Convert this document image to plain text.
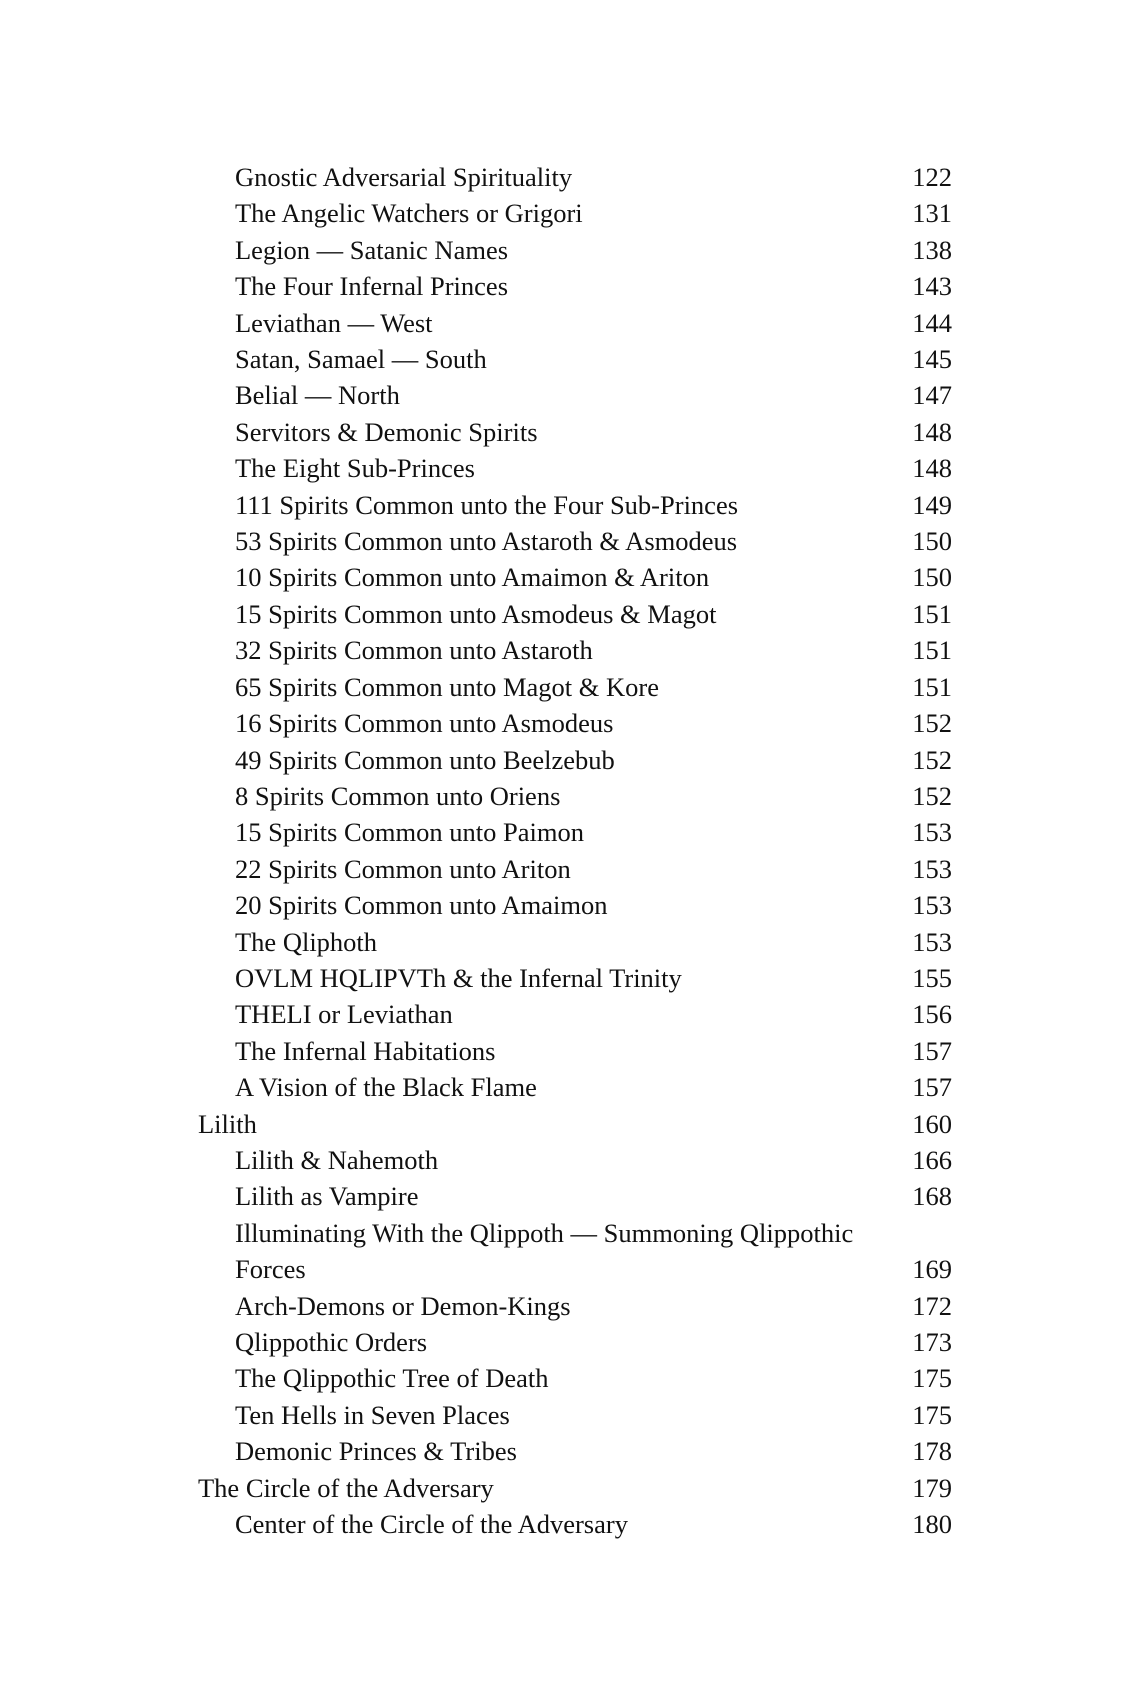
Gnostic Adversarial Spirituality	122
The Angelic Watchers or Grigori	131
Legion — Satanic Names	138
The Four Infernal Princes	143
Leviathan — West	144
Satan, Samael — South	145
Belial — North	147
Servitors & Demonic Spirits	148
The Eight Sub-Princes	148
111 Spirits Common unto the Four Sub-Princes	149
53 Spirits Common unto Astaroth & Asmodeus	150
10 Spirits Common unto Amaimon & Ariton	150
15 Spirits Common unto Asmodeus & Magot	151
32 Spirits Common unto Astaroth	151
65 Spirits Common unto Magot & Kore	151
16 Spirits Common unto Asmodeus	152
49 Spirits Common unto Beelzebub	152
8 Spirits Common unto Oriens	152
15 Spirits Common unto Paimon	153
22 Spirits Common unto Ariton	153
20 Spirits Common unto Amaimon	153
The Qliphoth	153
OVLM HQLIPVTh & the Infernal Trinity	155
THELI or Leviathan	156
The Infernal Habitations	157
A Vision of the Black Flame	157
Lilith	160
Lilith & Nahemoth	166
Lilith as Vampire	168
Illuminating With the Qlippoth — Summoning Qlippothic Forces	169
Arch-Demons or Demon-Kings	172
Qlippothic Orders	173
The Qlippothic Tree of Death	175
Ten Hells in Seven Places	175
Demonic Princes & Tribes	178
The Circle of the Adversary	179
Center of the Circle of the Adversary	180
